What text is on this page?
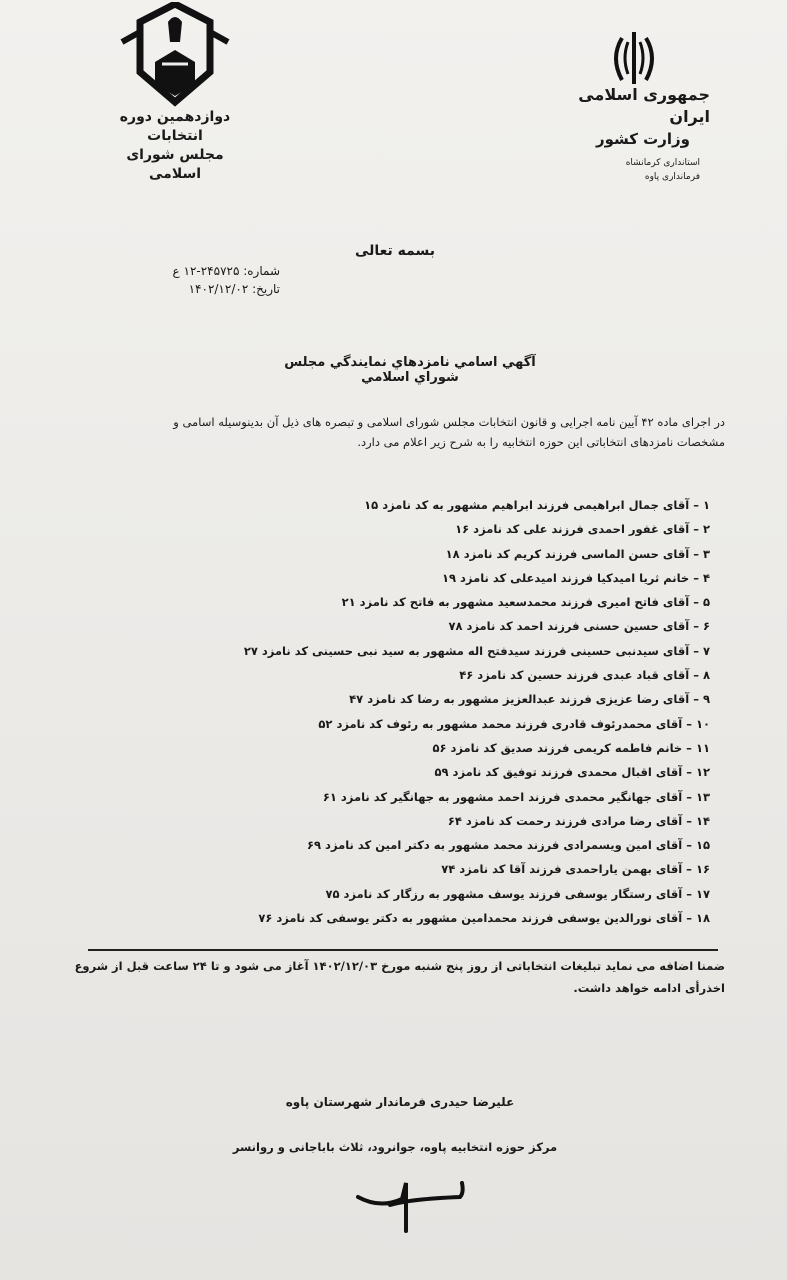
دوازدهمین دوره انتخابات
مجلس شورای اسلامی
جمهوری اسلامی ایران
وزارت کشور
استانداری کرمانشاه
فرمانداری پاوه
بسمه تعالی
شماره: ۲۴۵۷۲۵-۱۲ ع
تاریخ: ۱۴۰۲/۱۲/۰۲
آگهي اسامي نامزدهاي نمايندگي مجلس شوراي اسلامي
در اجرای ماده ۴۲ آیین نامه اجرایی و قانون انتخابات مجلس شورای اسلامی و تبصره های ذیل آن بدینوسیله اسامی و
مشخصات نامزدهای انتخاباتی این حوزه انتخابیه را به شرح زیر اعلام می دارد.
۱ – آقای جمال ابراهیمی فرزند ابراهیم مشهور به کد نامزد ۱۵
۲ – آقای غفور احمدی فرزند علی کد نامزد ۱۶
۳ – آقای حسن الماسی فرزند کریم کد نامزد ۱۸
۴ – خانم ثریا امیدکیا فرزند امیدعلی کد نامزد ۱۹
۵ – آقای فاتح امیری فرزند محمدسعید مشهور به فاتح کد نامزد ۲۱
۶ – آقای حسین حسنی فرزند احمد کد نامزد ۷۸
۷ – آقای سیدنبی حسینی فرزند سیدفتح اله مشهور به سید نبی حسینی کد نامزد ۲۷
۸ – آقای قباد عبدی فرزند حسین کد نامزد ۴۶
۹ – آقای رضا عزیزی فرزند عبدالعزیز مشهور به رضا کد نامزد ۴۷
۱۰ – آقای محمدرئوف قادری فرزند محمد مشهور به رئوف کد نامزد ۵۲
۱۱ – خانم فاطمه کریمی فرزند صدیق کد نامزد ۵۶
۱۲ – آقای اقبال محمدی فرزند توفیق کد نامزد ۵۹
۱۳ – آقای جهانگیر محمدی فرزند احمد مشهور به جهانگیر کد نامزد ۶۱
۱۴ – آقای رضا مرادی فرزند رحمت کد نامزد ۶۴
۱۵ – آقای امین ویسمرادی فرزند محمد مشهور به دکتر امین کد نامزد ۶۹
۱۶ – آقای بهمن یاراحمدی فرزند آقا کد نامزد ۷۴
۱۷ – آقای رستگار یوسفی فرزند یوسف مشهور به رزگار کد نامزد ۷۵
۱۸ – آقای نورالدین یوسفی فرزند محمدامین مشهور به دکتر یوسفی کد نامزد ۷۶
ضمنا اضافه می نماید تبلیغات انتخاباتی از روز پنج شنبه مورخ ۱۴۰۲/۱۲/۰۳ آغاز می شود و تا ۲۴ ساعت قبل از شروع
اخذرأی ادامه خواهد داشت.
علیرضا حیدری فرماندار شهرستان پاوه
مرکز حوزه انتخابیه پاوه، جوانرود، ثلاث باباجانی و روانسر
